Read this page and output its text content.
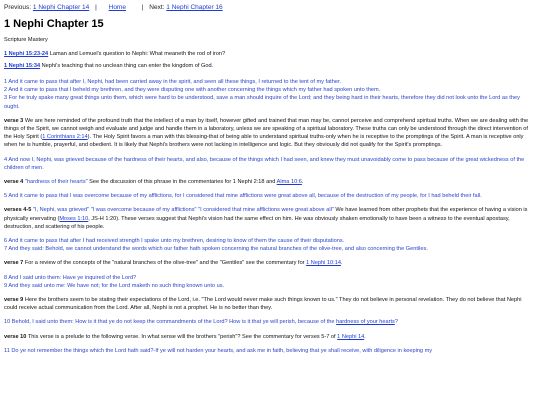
Previous: 1 Nephi Chapter 14 | Home | Next: 1 Nephi Chapter 16
1 Nephi Chapter 15

Scripture Mastery

1 Nephi 15:23-24 Laman and Lemuel's question to Nephi: What meaneth the rod of iron?

1 Nephi 15:34 Nephi's teaching that no unclean thing can enter the kingdom of God.

1 And it came to pass that after I, Nephi, had been carried away in the spirit, and seen all these things, I returned to the tent of my father.

2 And it came to pass that I beheld my brethren, and they were disputing one with another concerning the things which my father had spoken unto them.

3 For he truly spake many great things unto them, which were hard to be understood, save a man should inquire of the Lord; and they being hard in their hearts, therefore they did not look unto the Lord as they ought.

verse 3 We are here reminded of the profound truth that the intellect of a man by itself, however gifted and trained that man may be, cannot perceive and comprehend spiritual truths. When we are dealing with the things of the Spirit, we cannot weigh and evaluate and judge and handle them in a laboratory, unless we are speaking of a spiritual laboratory. These truths can only be understood through the direct intervention of the Holy Spirit (1 Corinthians 2:14). The Holy Spirit favors a man with this blessing-that of being able to understand spiritual truths-only when he is receptive to the promptings of the Spirit. A man is receptive only when he is humble, prayerful, and obedient. It is likely that Nephi's brothers were not lacking in intelligence and logic. But they obviously did not qualify for the Spirit's promptings.

4 And now I, Nephi, was grieved because of the hardness of their hearts, and also, because of the things which I had seen, and knew they must unavoidably come to pass because of the great wickedness of the children of men.

verse 4 "hardness of their hearts" See the discussion of this phrase in the commentaries for 1 Nephi 2:18 and Alma 10:6.

5 And it came to pass that I was overcome because of my afflictions, for I considered that mine afflictions were great above all, because of the destruction of my people, for I had beheld their fall.

verses 4-5 "I, Nephi, was grieved" "I was overcome because of my afflictions" "I considered that mine afflictions were great above all" We have learned from other prophets that the experience of having a vision is physically enervating (Moses 1:10, JS-H 1:20). These verses suggest that Nephi's vision had the same effect on him. He was obviously shaken emotionally to have been a witness to the eventual apostasy, destruction, and scattering of his people.

6 And it came to pass that after I had received strength I spake unto my brethren, desiring to know of them the cause of their disputations.

7 And they said: Behold, we cannot understand the words which our father hath spoken concerning the natural branches of the olive-tree, and also concerning the Gentiles.

verse 7 For a review of the concepts of the "natural branches of the olive-tree" and the "Gentiles" see the commentary for 1 Nephi 10:14.

8 And I said unto them: Have ye inquired of the Lord?

9 And they said unto me: We have not; for the Lord maketh no such thing known unto us.

verse 9 Here the brothers seem to be stating their expectations of the Lord, i.e. "The Lord would never make such things known to us." They do not believe in personal revelation. They do not believe that Nephi could receive actual communication from the Lord. After all, Nephi is not a prophet. He is no better than they.

10 Behold, I said unto them: How is it that ye do not keep the commandments of the Lord? How is it that ye will perish, because of the hardness of your hearts?

verse 10 This verse is a prelude to the following verse. In what sense will the brothers "perish"? See the commentary for verses 5-7 of 1 Nephi 14.

11 Do ye not remember the things which the Lord hath said?-If ye will not harden your hearts, and ask me in faith, believing that ye shall receive, with diligence in keeping my
